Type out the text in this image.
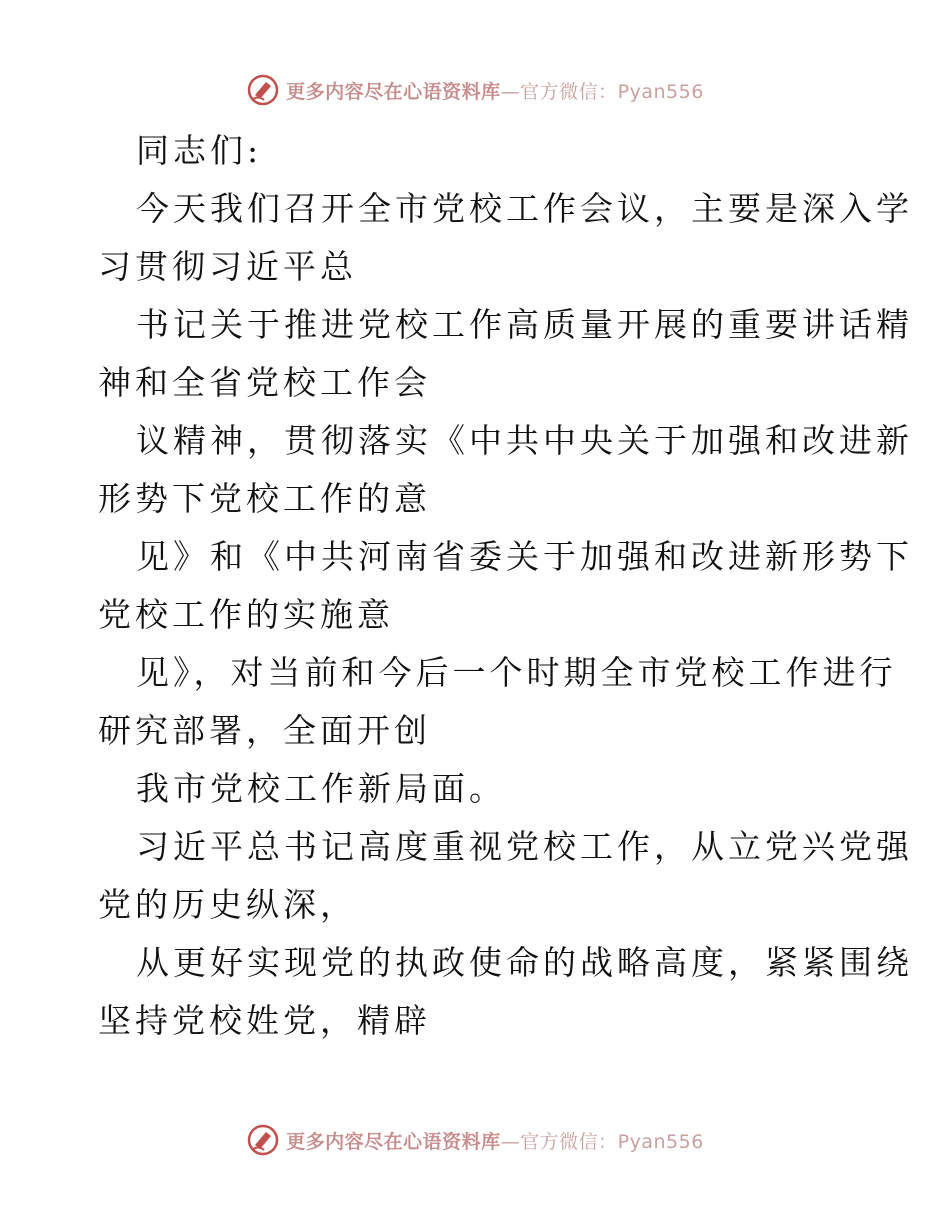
更多内容尽在心语资料库—官方微信：Pyan556
同志们:
今天我们召开全市党校工作会议，主要是深入学
习贯彻习近平总
书记关于推进党校工作高质量开展的重要讲话精
神和全省党校工作会
议精神，贯彻落实《中共中央关于加强和改进新
形势下党校工作的意
见》和《中共河南省委关于加强和改进新形势下
党校工作的实施意
见》，对当前和今后一个时期全市党校工作进行
研究部署，全面开创
我市党校工作新局面。
习近平总书记高度重视党校工作，从立党兴党强
党的历史纵深，
从更好实现党的执政使命的战略高度，紧紧围绕
坚持党校姓党，精辟
更多内容尽在心语资料库—官方微信：Pyan556
